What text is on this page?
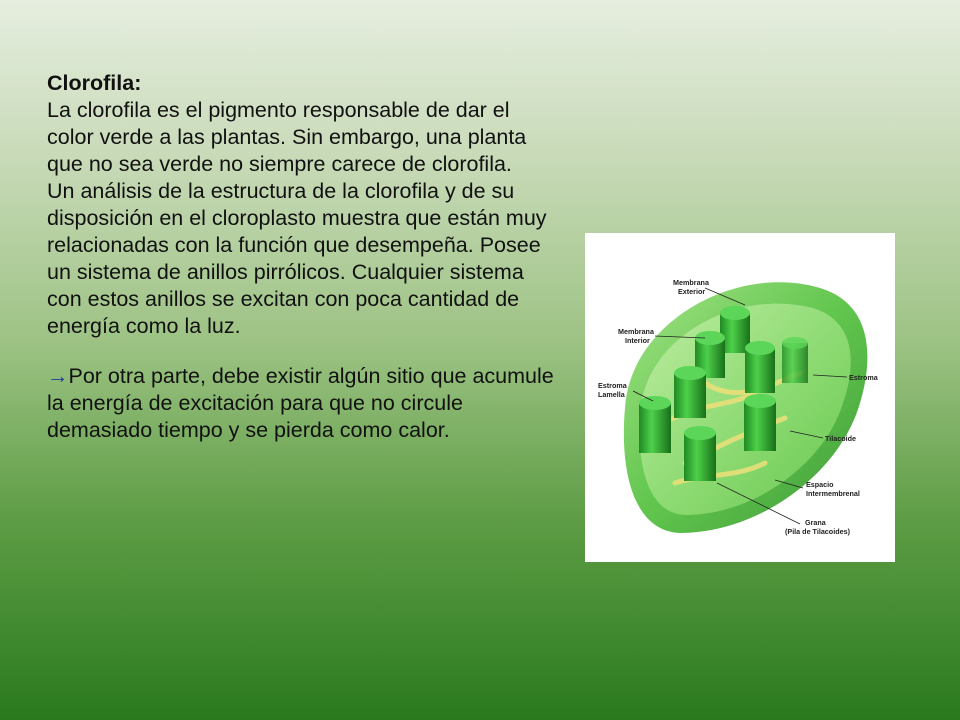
Clorofila:

La clorofila es el pigmento responsable de dar el color verde a las plantas. Sin embargo, una planta que no sea verde no siempre carece de clorofila.

Un análisis de la estructura de la clorofila y de su disposición en el cloroplasto muestra que están muy relacionadas con la función que desempeña. Posee un sistema de anillos pirrólicos. Cualquier sistema con estos anillos se excitan con poca cantidad de energía como la luz.

→Por otra parte, debe existir algún sitio que acumule la energía de excitación para que no circule demasiado tiempo y se pierda como calor.

Membrana
Exterior
Membrana
Interior
Estroma
Lamella
Estroma
Tilacoide
Espacio
Intermembrenal
Grana
(Pila de Tilacoides)
